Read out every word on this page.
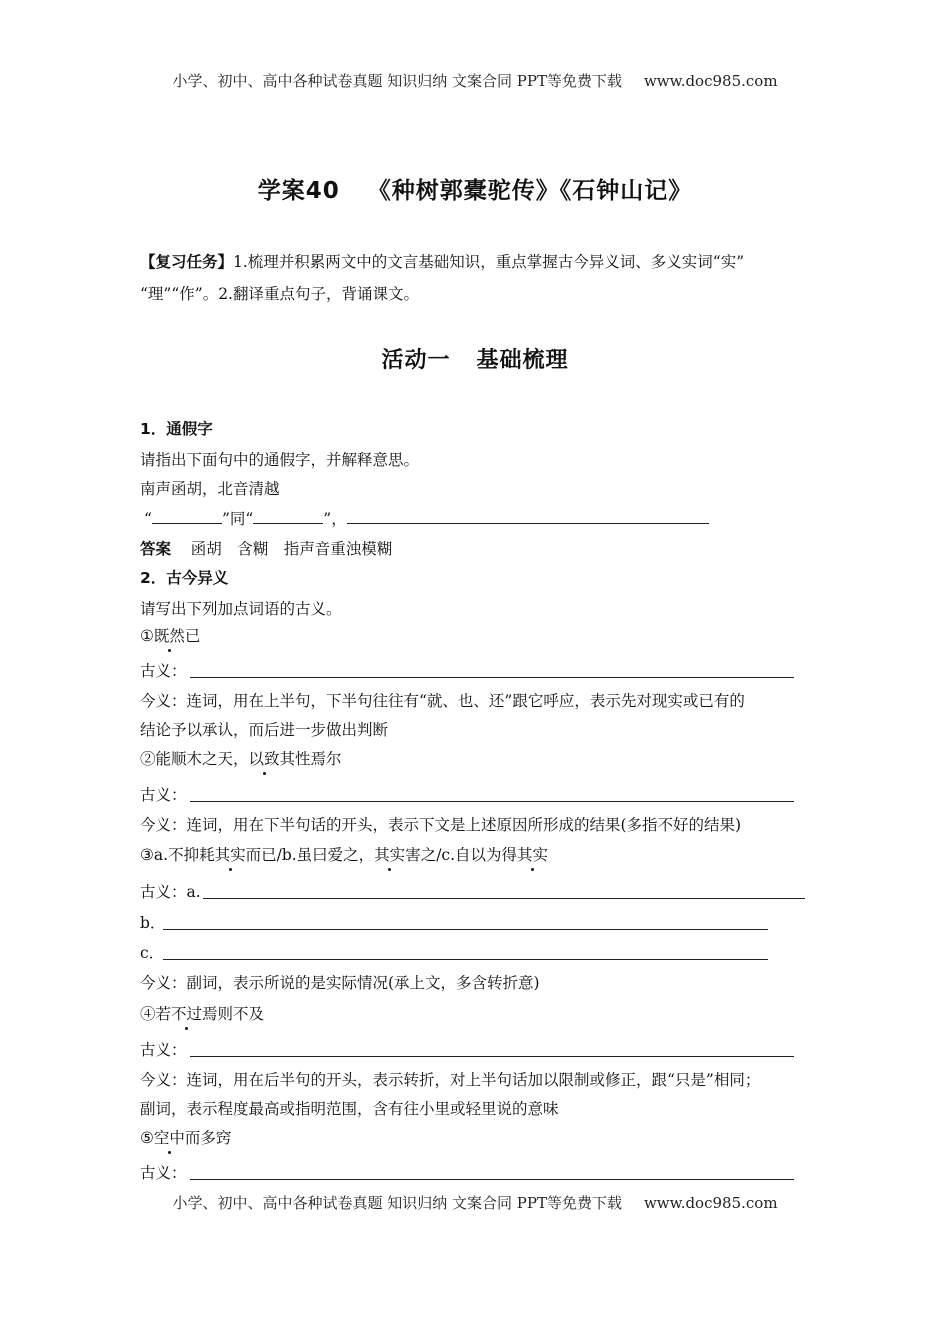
小学、初中、高中各种试卷真题 知识归纳 文案合同 PPT等免费下载 www.doc985.com
学案40 《种树郭橐驼传》《石钟山记》
【复习任务】1.梳理并积累两文中的文言基础知识，重点掌握古今异义词、多义实词“实”
“理”“作”。2.翻译重点句子，背诵课文。
活动一 基础梳理
1．通假字
请指出下面句中的通假字，并解释意思。
南声函胡，北音清越
“	”同“	”，
答案 函胡　含糊　指声音重浊模糊
2．古今异义
请写出下列加点词语的古义。
①既然已
古义：
今义：连词，用在上半句，下半句往往有“就、也、还”跟它呼应，表示先对现实或已有的
结论予以承认，而后进一步做出判断
②能顺木之天，以致其性焉尔
古义：
今义：连词，用在下半句话的开头，表示下文是上述原因所形成的结果(多指不好的结果)
③a.不抑耗其实而已/b.虽曰爱之，其实害之/c.自以为得其实
古义：a.
b．
c．
今义：副词，表示所说的是实际情况(承上文，多含转折意)
④若不过焉则不及
古义：
今义：连词，用在后半句的开头，表示转折，对上半句话加以限制或修正，跟“只是”相同；
副词，表示程度最高或指明范围，含有往小里或轻里说的意味
⑤空中而多窍
古义：
小学、初中、高中各种试卷真题 知识归纳 文案合同 PPT等免费下载 www.doc985.com
